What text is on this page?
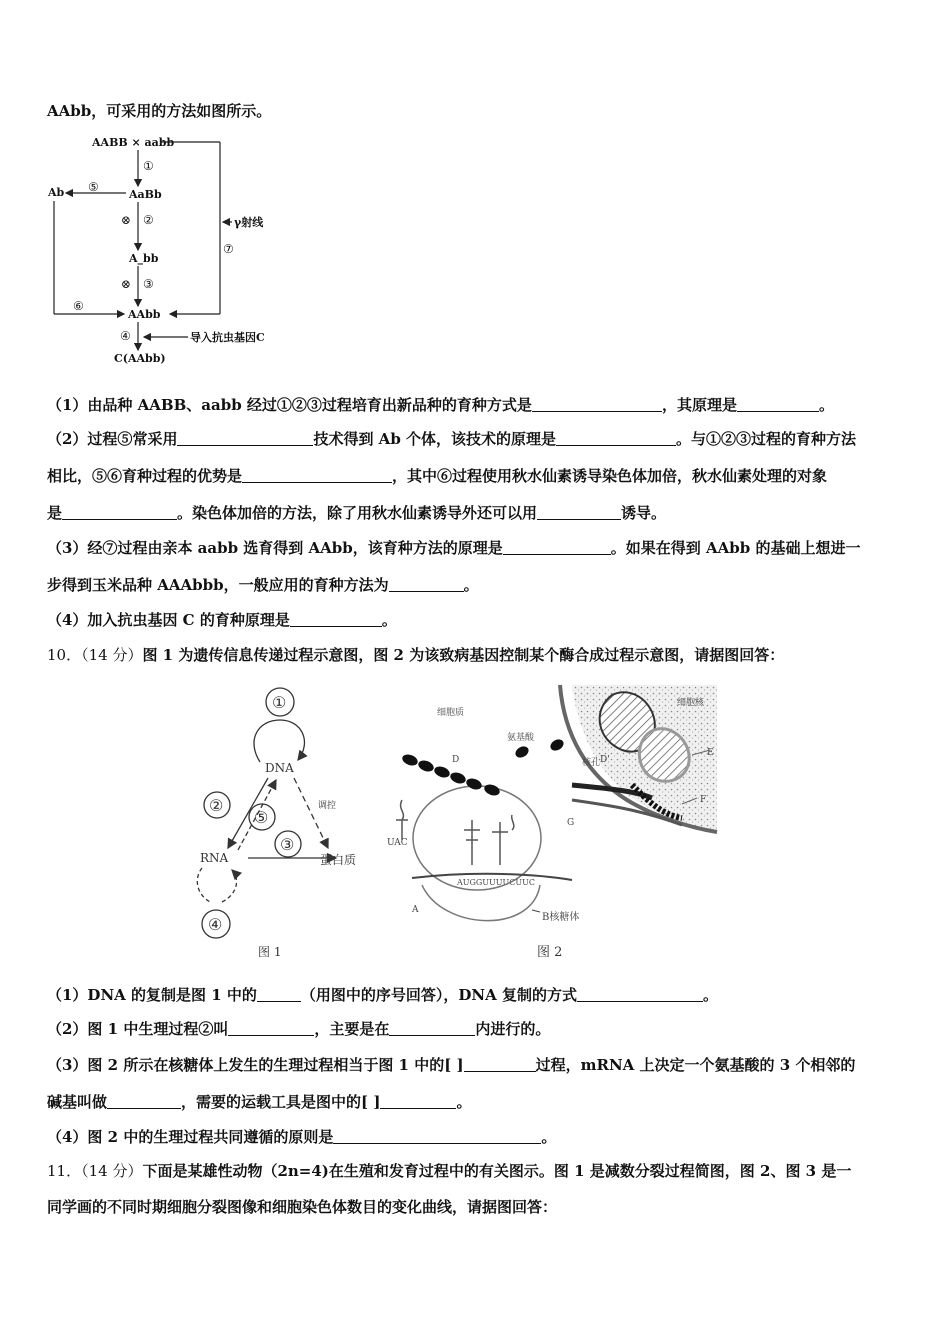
AAbb，可采用的方法如图所示。
AABB × aabb
AaBb
A_bb
AAbb
Ab
C(AAbb)
γ射线
导入抗虫基因C
①
②
③
④
⑤
⑥
⑦
⊗
⊗
（1）由品种 AABB、aabb 经过①②③过程培育出新品种的育种方式是	，其原理是	。
（2）过程⑤常采用	技术得到 Ab 个体，该技术的原理是	。与①②③过程的育种方法
相比，⑤⑥育种过程的优势是	，其中⑥过程使用秋水仙素诱导染色体加倍，秋水仙素处理的对象
是	。染色体加倍的方法，除了用秋水仙素诱导外还可以用	诱导。
（3）经⑦过程由亲本 aabb 选育得到 AAbb，该育种方法的原理是	。如果在得到 AAbb 的基础上想进一
步得到玉米品种 AAAbbb，一般应用的育种方法为	。
（4）加入抗虫基因 C 的育种原理是	。
10．（14 分）图 1 为遗传信息传递过程示意图，图 2 为该致病基因控制某个酶合成过程示意图，请据图回答：
①
②
⑤
③
④
DNA
RNA	蛋白质
调控
图 1
细胞核
核孔 D'
E
F
细胞质
氨基酸
D
G
UAC
A
AUGGUUUUCUUC
B核糖体
图 2
（1）DNA 的复制是图 1 中的	（用图中的序号回答），DNA 复制的方式	。
（2）图 1 中生理过程②叫	，主要是在	内进行的。
（3）图 2 所示在核糖体上发生的生理过程相当于图 1 中的[ ]	过程，mRNA 上决定一个氨基酸的 3 个相邻的
碱基叫做	，需要的运载工具是图中的[ ]	。
（4）图 2 中的生理过程共同遵循的原则是	。
11．（14 分）下面是某雄性动物（2n=4)在生殖和发育过程中的有关图示。图 1 是减数分裂过程简图，图 2、图 3 是一
同学画的不同时期细胞分裂图像和细胞染色体数目的变化曲线，请据图回答：
